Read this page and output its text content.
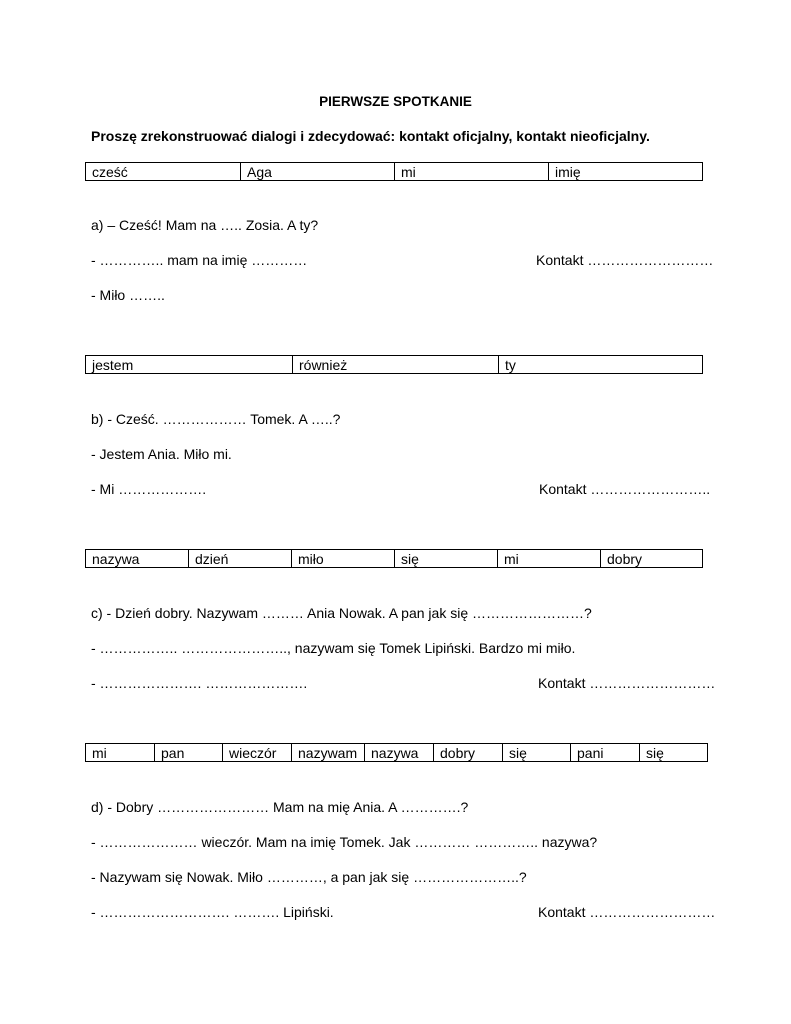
PIERWSZE SPOTKANIE
Proszę zrekonstruować dialogi i zdecydować: kontakt oficjalny, kontakt nieoficjalny.
cześć	Aga	mi	imię
a) – Cześć! Mam na ….. Zosia. A ty?
- ………….. mam na imię …………	Kontakt ………………………
- Miło ……..
jestem	również	ty
b) - Cześć. ……………… Tomek. A …..?
- Jestem Ania. Miło mi.
- Mi ……………….	Kontakt ……………………..
nazywa	dzień	miło	się	mi	dobry
c) - Dzień dobry. Nazywam ……… Ania Nowak. A pan jak się ……………………?
- …………….. ………………….., nazywam się Tomek Lipiński. Bardzo mi miło.
- …………………. ………………….	Kontakt ………………………
mi	pan	wieczór	nazywam	nazywa	dobry	się	pani	się
d) - Dobry …………………… Mam na mię Ania. A ………….?
- ………………… wieczór. Mam na imię Tomek. Jak ………… ………….. nazywa?
- Nazywam się Nowak. Miło …………, a pan jak się …………………..?
- ………………………. ………. Lipiński.	Kontakt ………………………
